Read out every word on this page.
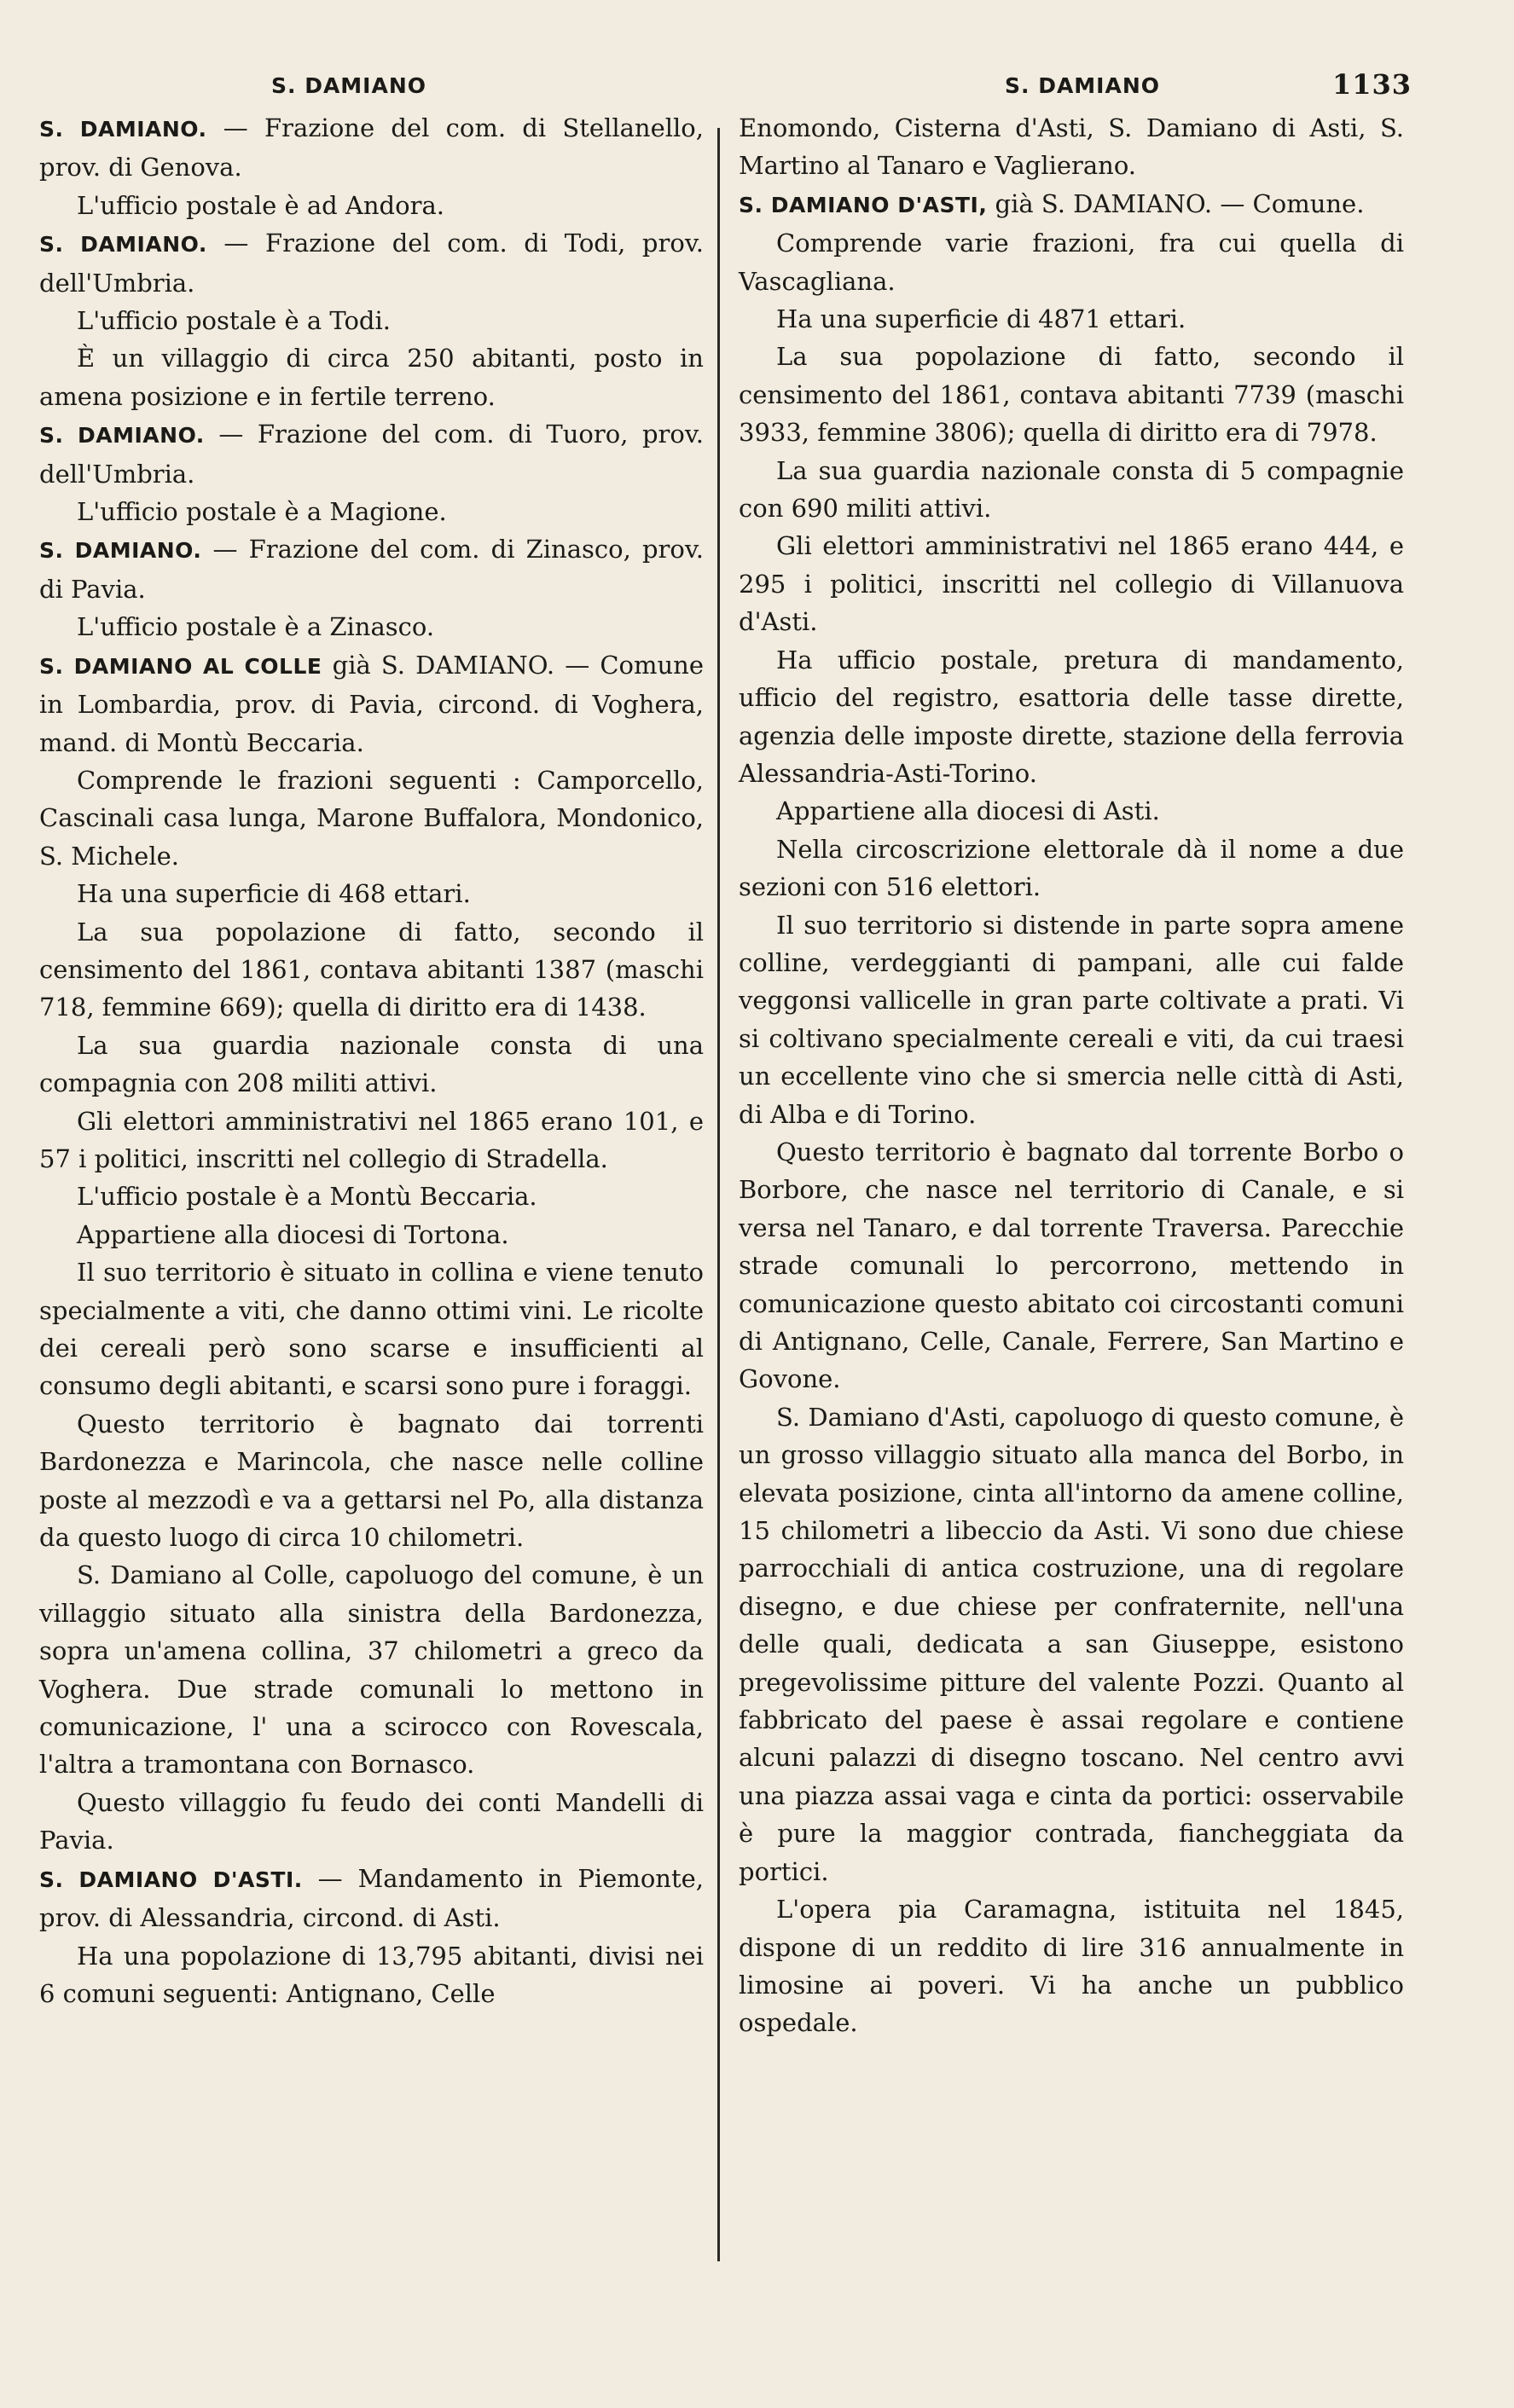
S. DAMIANO	S. DAMIANO	1133

S. DAMIANO. — Frazione del com. di Stellanello, prov. di Genova.

L'ufficio postale è ad Andora.

S. DAMIANO. — Frazione del com. di Todi, prov. dell'Umbria.

L'ufficio postale è a Todi.

È un villaggio di circa 250 abitanti, posto in amena posizione e in fertile terreno.

S. DAMIANO. — Frazione del com. di Tuoro, prov. dell'Umbria.

L'ufficio postale è a Magione.

S. DAMIANO. — Frazione del com. di Zinasco, prov. di Pavia.

L'ufficio postale è a Zinasco.

S. DAMIANO AL COLLE già S. DAMIANO. — Comune in Lombardia, prov. di Pavia, circond. di Voghera, mand. di Montù Beccaria.

Comprende le frazioni seguenti : Camporcello, Cascinali casa lunga, Marone Buffalora, Mondonico, S. Michele.

Ha una superficie di 468 ettari.

La sua popolazione di fatto, secondo il censimento del 1861, contava abitanti 1387 (maschi 718, femmine 669); quella di diritto era di 1438.

La sua guardia nazionale consta di una compagnia con 208 militi attivi.

Gli elettori amministrativi nel 1865 erano 101, e 57 i politici, inscritti nel collegio di Stradella.

L'ufficio postale è a Montù Beccaria.

Appartiene alla diocesi di Tortona.

Il suo territorio è situato in collina e viene tenuto specialmente a viti, che danno ottimi vini. Le ricolte dei cereali però sono scarse e insufficienti al consumo degli abitanti, e scarsi sono pure i foraggi.

Questo territorio è bagnato dai torrenti Bardonezza e Marincola, che nasce nelle colline poste al mezzodì e va a gettarsi nel Po, alla distanza da questo luogo di circa 10 chilometri.

S. Damiano al Colle, capoluogo del comune, è un villaggio situato alla sinistra della Bardonezza, sopra un'amena collina, 37 chilometri a greco da Voghera. Due strade comunali lo mettono in comunicazione, l' una a scirocco con Rovescala, l'altra a tramontana con Bornasco.

Questo villaggio fu feudo dei conti Mandelli di Pavia.

S. DAMIANO D'ASTI. — Mandamento in Piemonte, prov. di Alessandria, circond. di Asti.

Ha una popolazione di 13,795 abitanti, divisi nei 6 comuni seguenti: Antignano, Celle

Enomondo, Cisterna d'Asti, S. Damiano di Asti, S. Martino al Tanaro e Vaglierano.

S. DAMIANO D'ASTI, già S. DAMIANO. — Comune.

Comprende varie frazioni, fra cui quella di Vascagliana.

Ha una superficie di 4871 ettari.

La sua popolazione di fatto, secondo il censimento del 1861, contava abitanti 7739 (maschi 3933, femmine 3806); quella di diritto era di 7978.

La sua guardia nazionale consta di 5 compagnie con 690 militi attivi.

Gli elettori amministrativi nel 1865 erano 444, e 295 i politici, inscritti nel collegio di Villanuova d'Asti.

Ha ufficio postale, pretura di mandamento, ufficio del registro, esattoria delle tasse dirette, agenzia delle imposte dirette, stazione della ferrovia Alessandria-Asti-Torino.

Appartiene alla diocesi di Asti.

Nella circoscrizione elettorale dà il nome a due sezioni con 516 elettori.

Il suo territorio si distende in parte sopra amene colline, verdeggianti di pampani, alle cui falde veggonsi vallicelle in gran parte coltivate a prati. Vi si coltivano specialmente cereali e viti, da cui traesi un eccellente vino che si smercia nelle città di Asti, di Alba e di Torino.

Questo territorio è bagnato dal torrente Borbo o Borbore, che nasce nel territorio di Canale, e si versa nel Tanaro, e dal torrente Traversa. Parecchie strade comunali lo percorrono, mettendo in comunicazione questo abitato coi circostanti comuni di Antignano, Celle, Canale, Ferrere, San Martino e Govone.

S. Damiano d'Asti, capoluogo di questo comune, è un grosso villaggio situato alla manca del Borbo, in elevata posizione, cinta all'intorno da amene colline, 15 chilometri a libeccio da Asti. Vi sono due chiese parrocchiali di antica costruzione, una di regolare disegno, e due chiese per confraternite, nell'una delle quali, dedicata a san Giuseppe, esistono pregevolissime pitture del valente Pozzi. Quanto al fabbricato del paese è assai regolare e contiene alcuni palazzi di disegno toscano. Nel centro avvi una piazza assai vaga e cinta da portici: osservabile è pure la maggior contrada, fiancheggiata da portici.

L'opera pia Caramagna, istituita nel 1845, dispone di un reddito di lire 316 annualmente in limosine ai poveri. Vi ha anche un pubblico ospedale.
